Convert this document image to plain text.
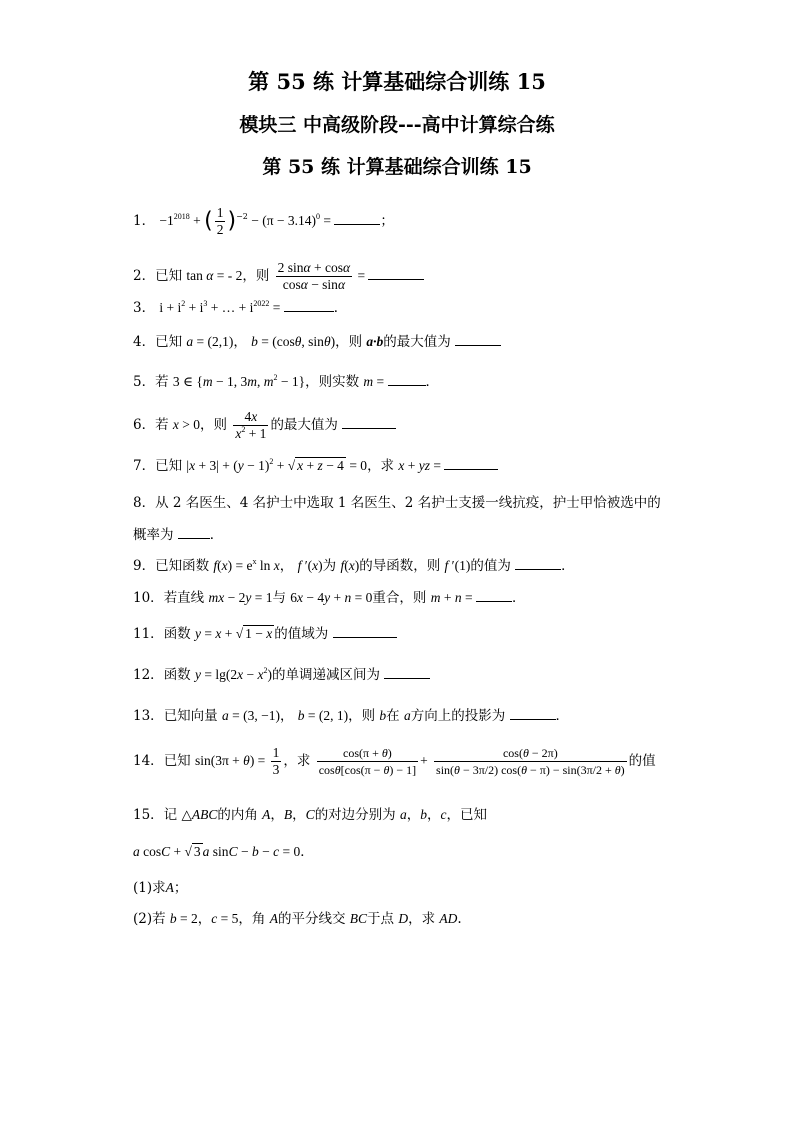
第 55 练 计算基础综合训练 15
模块三 中高级阶段---高中计算综合练
第 55 练 计算基础综合训练 15
1． $-1^{2018}$ + ( $\frac{1}{2} )^{-2} - (\pi - 3.14)^0$ =	；
2．已知 tan α = - 2，则 $\frac{2 \sin\alpha + \cos\alpha}{\cos\alpha - \sin\alpha}$ =
3． $i + i^2 + i^3$ + … + $i^{2022}$ =	．
4．已知 a = (2,1)， b = (cosθ, sinθ)，则 a·b的最大值为
5．若 3 ∈ {m − 1, 3m, $m^2 - 1$}，则实数 m =	．
6．若 x > 0，则 $\frac{4x}{x^2 + 1}$ 的最大值为
7．已知 $|x + 3| + (y - 1)^2$ + √ x + z − 4 = 0，求 x + yz =
8．从 2 名医生、4 名护士中选取 1 名医生、2 名护士支援一线抗疫，护士甲恰被选中的
概率为	．
9．已知函数 $f(x) = e^x$ ln x， f ′(x)为 f(x)的导函数，则 f ′(1)的值为	．
10．若直线 mx − 2y = 1与 6x − 4y + n = 0重合，则 m + n =	．
11．函数 y = x + √ 1 − x 的值域为
12．函数 $y = \lg(2x - x^2)$的单调递减区间为
13．已知向量 a = (3, −1)， b = (2, 1)，则 b在 a方向上的投影为	．
14．已知 $\sin(3\pi + \theta) = \frac{1}{3}$ ，求 $\frac{\cos(\pi + \theta)}{\cos\theta[\cos(\pi - \theta) - 1]} + \frac{\cos(\theta - 2\pi)}{\sin(\theta - 3\pi/2) \cos(\theta - \pi) - \sin(3\pi/2 + \theta)}$ 的值
15．记 △ABC的内角 A，B，C的对边分别为 a，b，c，已知
a cosC + √ 3 a sinC − b − c = 0．
(1)求A；
(2)若 b = 2，c = 5，角 A的平分线交 BC于点 D，求 AD.
